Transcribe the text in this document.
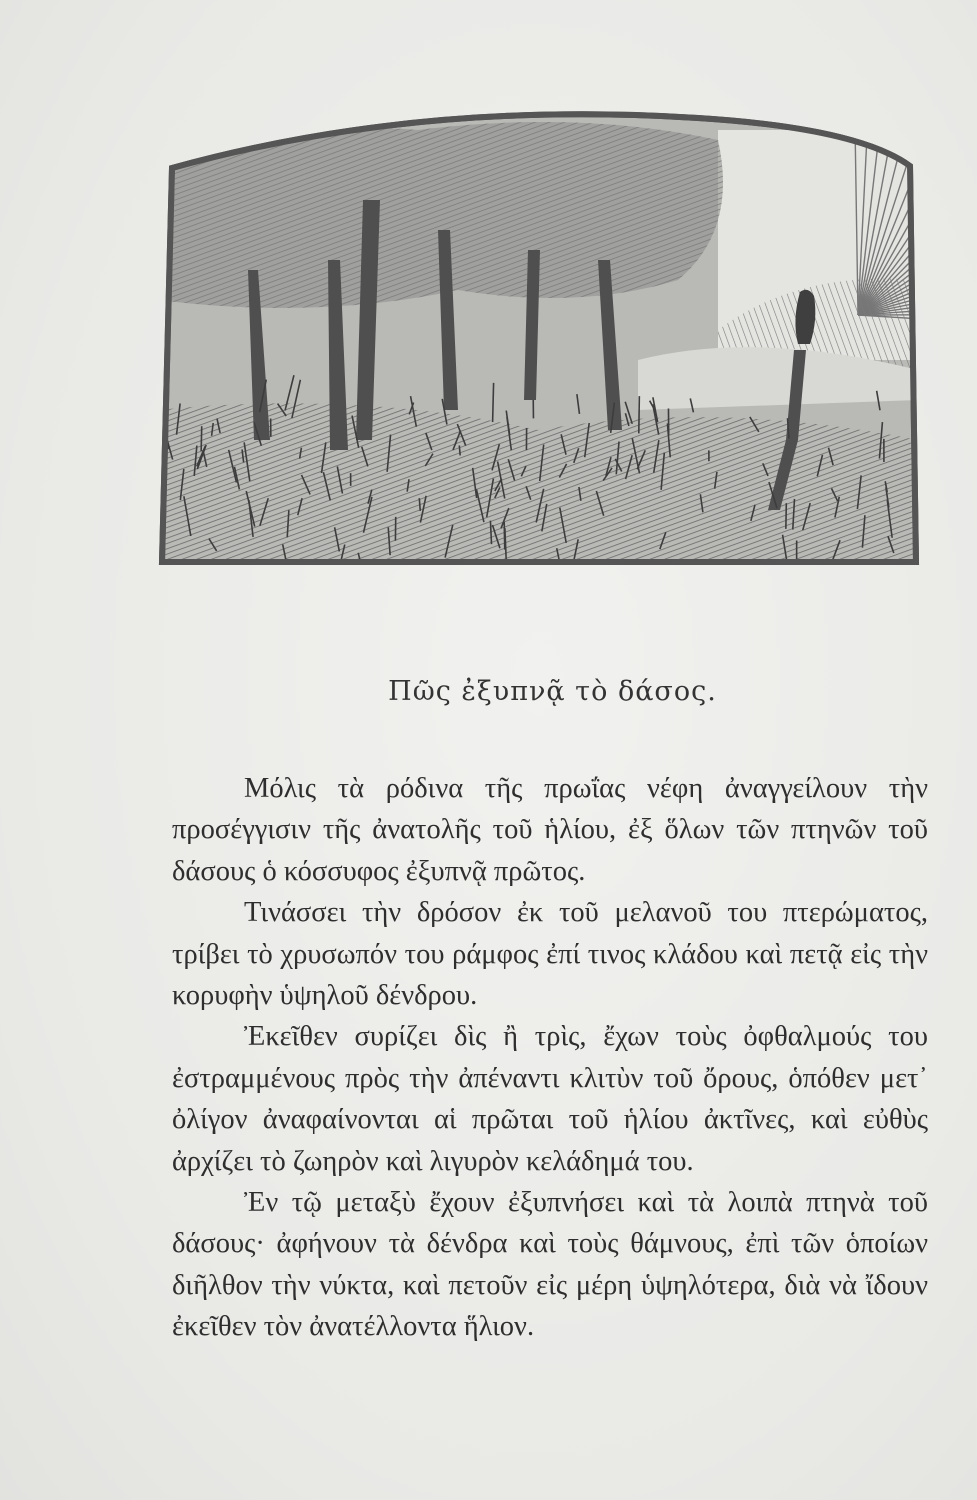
Πῶς ἐξυπνᾷ τὸ δάσος.

Μόλις τὰ ρόδινα τῆς πρωΐας νέφη ἀναγγείλουν τὴν προσέγγισιν τῆς ἀνατολῆς τοῦ ἡλίου, ἐξ ὅλων τῶν πτηνῶν τοῦ δάσους ὁ κόσσυφος ἐξυπνᾷ πρῶτος.

Τινάσσει τὴν δρόσον ἐκ τοῦ μελανοῦ του πτερώματος, τρίβει τὸ χρυσωπόν του ράμφος ἐπί τινος κλάδου καὶ πετᾷ εἰς τὴν κορυφὴν ὑψηλοῦ δένδρου.

Ἐκεῖθεν συρίζει δὶς ἢ τρὶς, ἔχων τοὺς ὀφθαλμούς του ἐστραμμένους πρὸς τὴν ἀπέναντι κλιτὺν τοῦ ὄρους, ὁπόθεν μετ᾽ ὀλίγον ἀναφαίνονται αἱ πρῶται τοῦ ἡλίου ἀκτῖνες, καὶ εὐθὺς ἀρχίζει τὸ ζωηρὸν καὶ λιγυρὸν κελάδημά του.

Ἐν τῷ μεταξὺ ἔχουν ἐξυπνήσει καὶ τὰ λοιπὰ πτηνὰ τοῦ δάσους· ἀφήνουν τὰ δένδρα καὶ τοὺς θάμνους, ἐπὶ τῶν ὁποίων διῆλθον τὴν νύκτα, καὶ πετοῦν εἰς μέρη ὑψηλότερα, διὰ νὰ ἴδουν ἐκεῖθεν τὸν ἀνατέλλοντα ἥλιον.
